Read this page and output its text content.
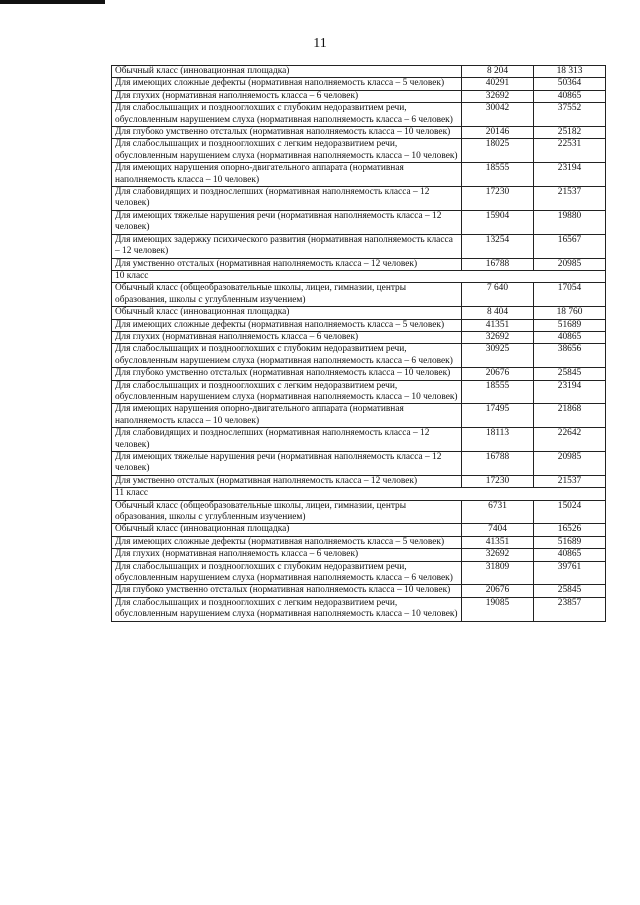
11
Обычный класс (инновационная площадка)	8 204	18 313
Для имеющих сложные дефекты (нормативная наполняемость класса – 5 человек)	40291	50364
Для глухих (нормативная наполняемость класса – 6 человек)	32692	40865
Для слабослышащих и позднооглохших с глубоким недоразвитием речи, обусловленным нарушением слуха (нормативная наполняемость класса – 6 человек)	30042	37552
Для глубоко умственно отсталых (нормативная наполняемость класса – 10 человек)	20146	25182
Для слабослышащих и позднооглохших с легким недоразвитием речи, обусловленным нарушением слуха (нормативная наполняемость класса – 10 человек)	18025	22531
Для имеющих нарушения опорно-двигательного аппарата (нормативная наполняемость класса – 10 человек)	18555	23194
Для слабовидящих и позднослепших (нормативная наполняемость класса – 12 человек)	17230	21537
Для имеющих тяжелые нарушения речи (нормативная наполняемость класса – 12 человек)	15904	19880
Для имеющих задержку психического развития (нормативная наполняемость класса – 12 человек)	13254	16567
Для умственно отсталых (нормативная наполняемость класса – 12 человек)	16788	20985
10 класс		
Обычный класс (общеобразовательные школы, лицеи, гимназии, центры образования, школы с углубленным изучением)	7 640	17054
Обычный класс (инновационная площадка)	8 404	18 760
Для имеющих сложные дефекты (нормативная наполняемость класса – 5 человек)	41351	51689
Для глухих (нормативная наполняемость класса – 6 человек)	32692	40865
Для слабослышащих и позднооглохших с глубоким недоразвитием речи, обусловленным нарушением слуха (нормативная наполняемость класса – 6 человек)	30925	38656
Для глубоко умственно отсталых (нормативная наполняемость класса – 10 человек)	20676	25845
Для слабослышащих и позднооглохших с легким недоразвитием речи, обусловленным нарушением слуха (нормативная наполняемость класса – 10 человек)	18555	23194
Для имеющих нарушения опорно-двигательного аппарата (нормативная наполняемость класса – 10 человек)	17495	21868
Для слабовидящих и позднослепших (нормативная наполняемость класса – 12 человек)	18113	22642
Для имеющих тяжелые нарушения речи (нормативная наполняемость класса – 12 человек)	16788	20985
Для умственно отсталых (нормативная наполняемость класса – 12 человек)	17230	21537
11 класс		
Обычный класс (общеобразовательные школы, лицеи, гимназии, центры образования, школы с углубленным изучением)	6731	15024
Обычный класс (инновационная площадка)	7404	16526
Для имеющих сложные дефекты (нормативная наполняемость класса – 5 человек)	41351	51689
Для глухих (нормативная наполняемость класса – 6 человек)	32692	40865
Для слабослышащих и позднооглохших с глубоким недоразвитием речи, обусловленным нарушением слуха (нормативная наполняемость класса – 6 человек)	31809	39761
Для глубоко умственно отсталых (нормативная наполняемость класса – 10 человек)	20676	25845
Для слабослышащих и позднооглохших с легким недоразвитием речи, обусловленным нарушением слуха (нормативная наполняемость класса – 10 человек)	19085	23857
